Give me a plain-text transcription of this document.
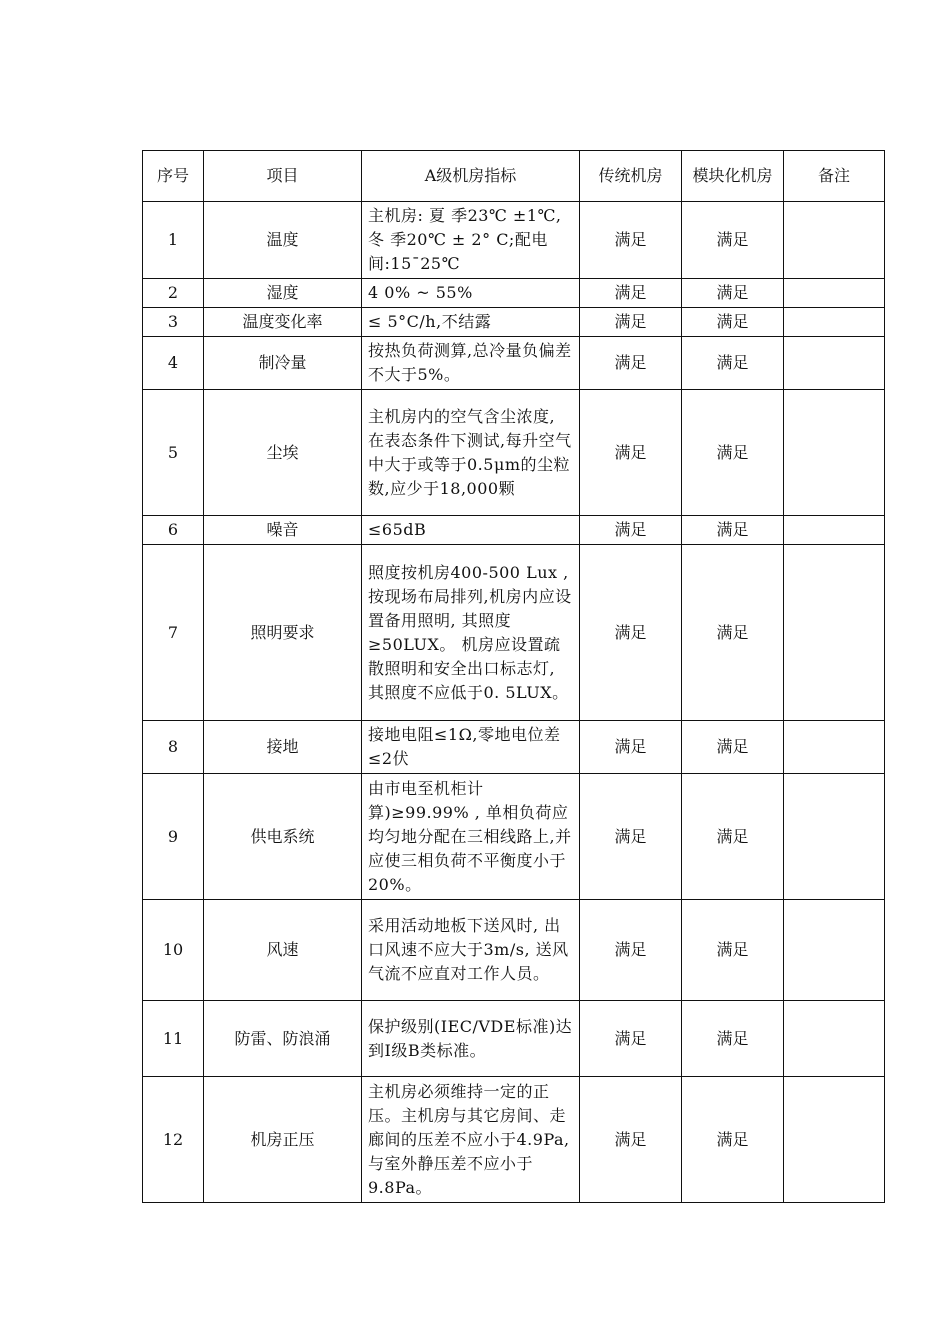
序号	项目	A级机房指标	传统机房	模块化机房	备注
1	温度	主机房: 夏 季23℃ ±1℃, 冬 季20℃ ± 2° C;配电间:15¯25℃	满足	满足	
2	湿度	4 0% ~ 55%	满足	满足	
3	温度变化率	≤ 5°C/h,不结露	满足	满足	
4	制冷量	按热负荷测算,总冷量负偏差不大于5%。	满足	满足	
5	尘埃	主机房内的空气含尘浓度, 在表态条件下测试,每升空气中大于或等于0.5μm的尘粒数,应少于18,000颗	满足	满足	
6	噪音	≤65dB	满足	满足	
7	照明要求	照度按机房400-500 Lux ,按现场布局排列,机房内应设置备用照明, 其照度≥50LUX。 机房应设置疏散照明和安全出口标志灯, 其照度不应低于0. 5LUX。	满足	满足	
8	接地	接地电阻≤1Ω,零地电位差≤2伏	满足	满足	
9	供电系统	由市电至机柜计算)≥99.99% , 单相负荷应均匀地分配在三相线路上,并应使三相负荷不平衡度小于20%。	满足	满足	
10	风速	采用活动地板下送风时, 出口风速不应大于3m/s, 送风气流不应直对工作人员。	满足	满足	
11	防雷、防浪涌	保护级别(IEC/VDE标准)达到I级B类标准。	满足	满足	
12	机房正压	主机房必须维持一定的正压。主机房与其它房间、走廊间的压差不应小于4.9Pa,与室外静压差不应小于9.8Pa。	满足	满足	
